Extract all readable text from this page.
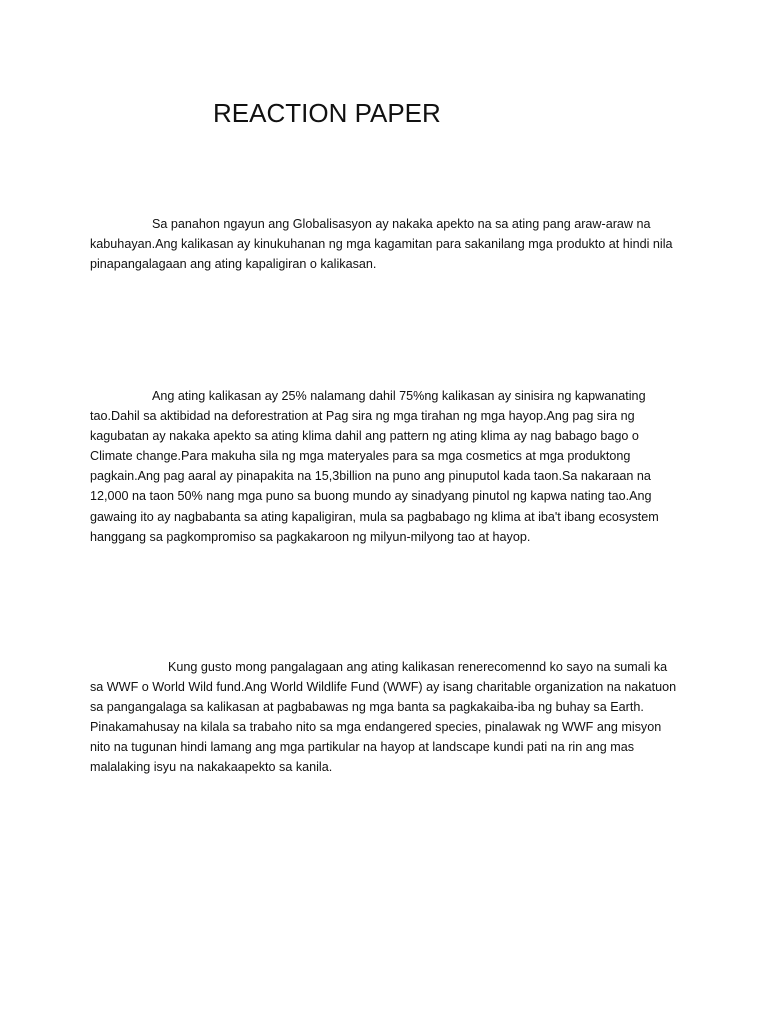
REACTION PAPER

Sa panahon ngayun ang Globalisasyon ay nakaka apekto na sa ating pang araw-araw na kabuhayan.Ang kalikasan ay kinukuhanan ng mga kagamitan para sakanilang mga produkto at hindi nila pinapangalagaan ang ating kapaligiran o kalikasan.

Ang ating kalikasan ay 25% nalamang dahil 75%ng kalikasan ay sinisira ng kapwanating tao.Dahil sa aktibidad na deforestration at Pag sira ng mga tirahan ng mga hayop.Ang pag sira ng kagubatan ay nakaka apekto sa ating klima dahil ang pattern ng ating klima ay nag babago bago o Climate change.Para makuha sila ng mga materyales para sa mga cosmetics at mga produktong pagkain.Ang pag aaral ay pinapakita na 15,3billion na puno ang pinuputol kada taon.Sa nakaraan na 12,000 na taon 50% nang mga puno sa buong mundo ay sinadyang pinutol ng kapwa nating tao.Ang gawaing ito ay nagbabanta sa ating kapaligiran, mula sa pagbabago ng klima at iba't ibang ecosystem hanggang sa pagkompromiso sa pagkakaroon ng milyun-milyong tao at hayop.

Kung gusto mong pangalagaan ang ating kalikasan renerecomennd ko sayo na sumali ka sa WWF o World Wild fund.Ang World Wildlife Fund (WWF) ay isang charitable organization na nakatuon sa pangangalaga sa kalikasan at pagbabawas ng mga banta sa pagkakaiba-iba ng buhay sa Earth. Pinakamahusay na kilala sa trabaho nito sa mga endangered species, pinalawak ng WWF ang misyon nito na tugunan hindi lamang ang mga partikular na hayop at landscape kundi pati na rin ang mas malalaking isyu na nakakaapekto sa kanila.
